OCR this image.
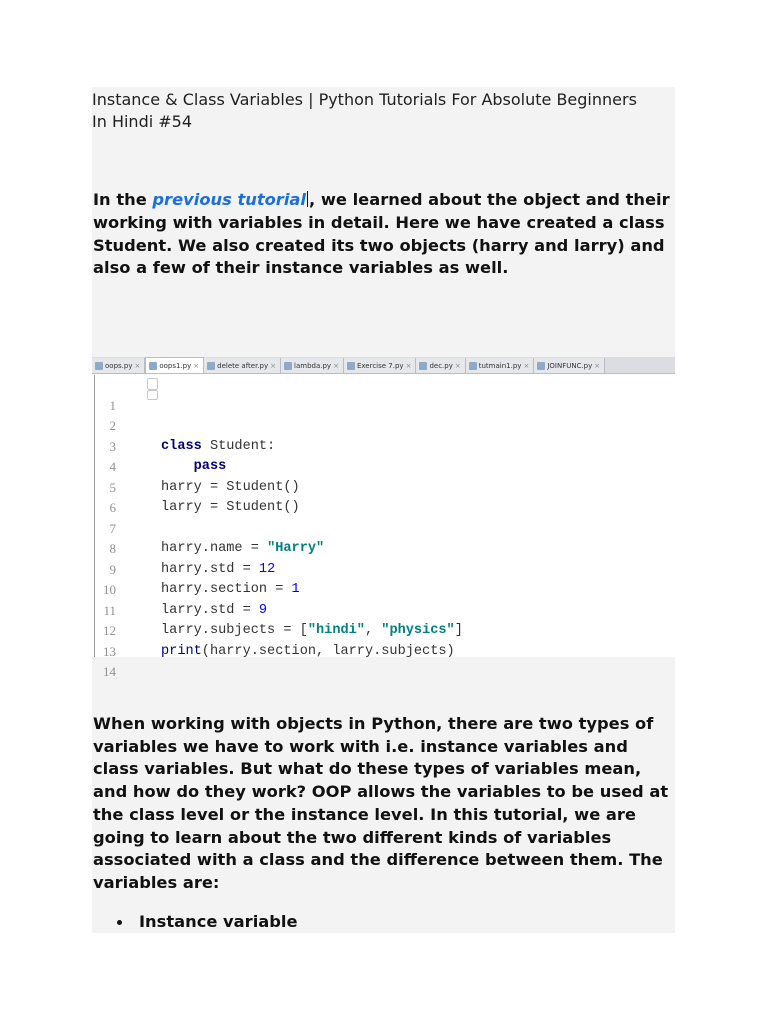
Instance & Class Variables | Python Tutorials For Absolute Beginners In Hindi #54

In the previous tutorial , we learned about the object and their working with variables in detail. Here we have created a class Student. We also created its two objects (harry and larry) and also a few of their instance variables as well.

oops.py ×	oops1.py ×	delete after.py ×	lambda.py ×	Exercise 7.py ×	dec.py ×	tutmain1.py ×	JOINFUNC.py ×

1

class Student:

2

pass

3

4

harry = Student()

5

larry = Student()

6

7

harry.name = "Harry"

8

harry.std = 12

9

harry.section = 1

10

larry.std = 9

11

larry.subjects = ["hindi", "physics"]

12

print(harry.section, larry.subjects)

13

14

When working with objects in Python, there are two types of variables we have to work with i.e. instance variables and class variables. But what do these types of variables mean, and how do they work? OOP allows the variables to be used at the class level or the instance level. In this tutorial, we are going to learn about the two different kinds of variables associated with a class and the difference between them. The variables are:

Instance variable
